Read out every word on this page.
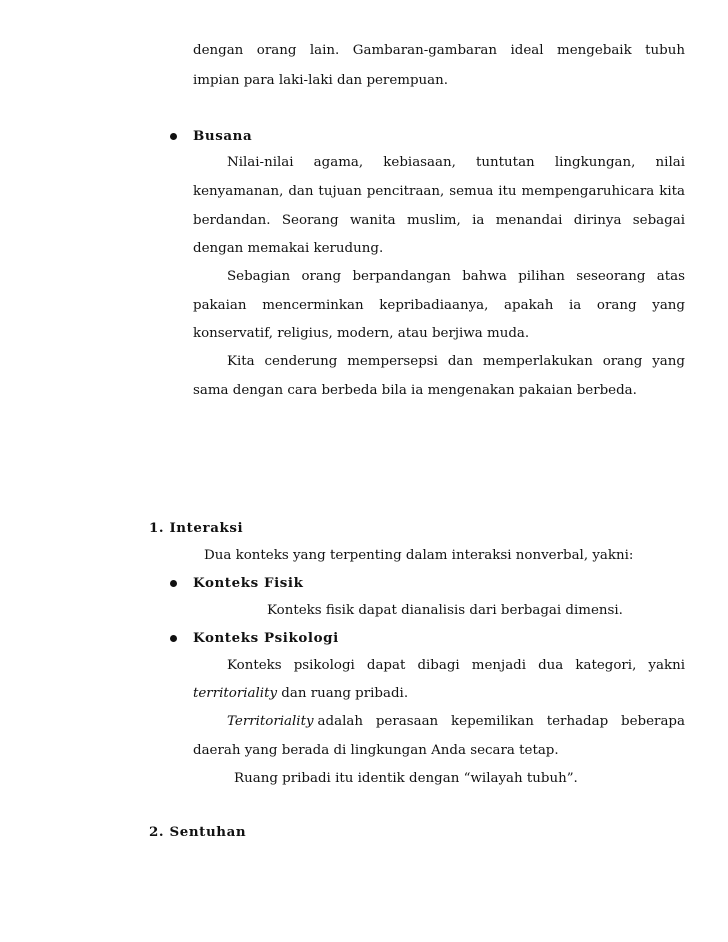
dengan orang lain. Gambaran-gambaran ideal mengebaik tubuh
impian para laki-laki dan perempuan.
Busana
Nilai-nilai agama, kebiasaan, tuntutan lingkungan, nilai
kenyamanan, dan tujuan pencitraan, semua itu mempengaruhicara kita
berdandan. Seorang wanita muslim, ia menandai dirinya sebagai
dengan memakai kerudung.
Sebagian orang berpandangan bahwa pilihan seseorang atas
pakaian mencerminkan kepribadiaanya, apakah ia orang yang
konservatif, religius, modern, atau berjiwa muda.
Kita cenderung mempersepsi dan memperlakukan orang yang
sama dengan cara berbeda bila ia mengenakan pakaian berbeda.
1. Interaksi
Dua konteks yang terpenting dalam interaksi nonverbal, yakni:
Konteks Fisik
Konteks fisik dapat dianalisis dari berbagai dimensi.
Konteks Psikologi
Konteks psikologi dapat dibagi menjadi dua kategori, yakni
territoriality dan ruang pribadi.
Territoriality adalah perasaan kepemilikan terhadap beberapa
daerah yang berada di lingkungan Anda secara tetap.
Ruang pribadi itu identik dengan “wilayah tubuh”.
2. Sentuhan
